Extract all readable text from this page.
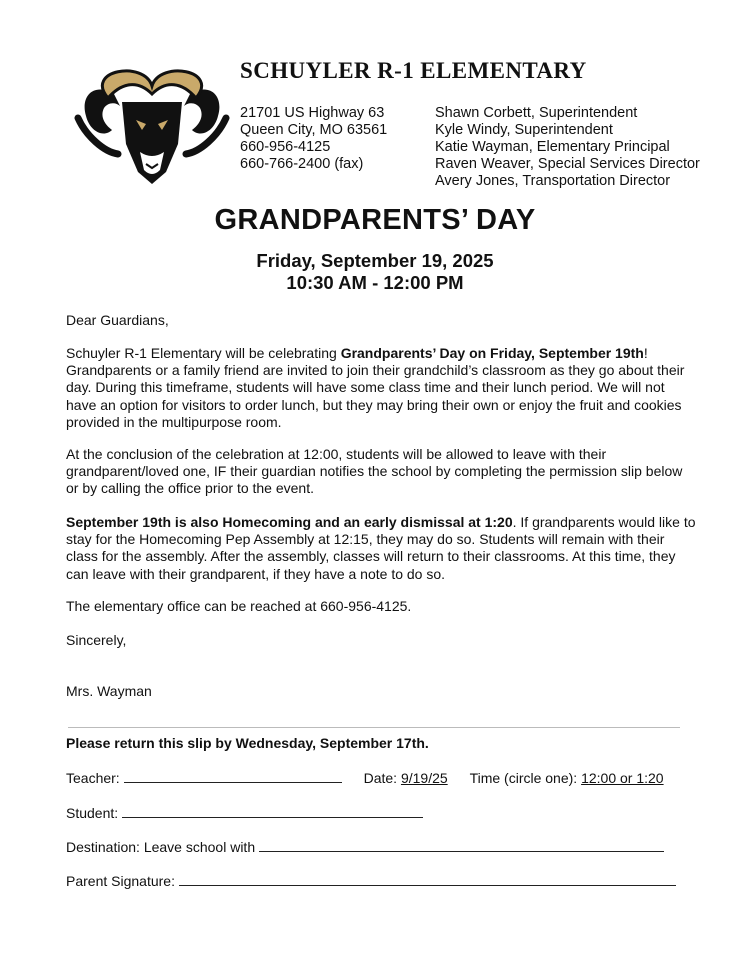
SCHUYLER R-1 ELEMENTARY
21701 US Highway 63
Queen City, MO 63561
660-956-4125
660-766-2400 (fax)
Shawn Corbett, Superintendent
Kyle Windy, Superintendent
Katie Wayman, Elementary Principal
Raven Weaver, Special Services Director
Avery Jones, Transportation Director
GRANDPARENTS’ DAY
Friday, September 19, 2025
10:30 AM - 12:00 PM
Dear Guardians,

Schuyler R-1 Elementary will be celebrating Grandparents’ Day on Friday, September 19th! Grandparents or a family friend are invited to join their grandchild’s classroom as they go about their day. During this timeframe, students will have some class time and their lunch period. We will not have an option for visitors to order lunch, but they may bring their own or enjoy the fruit and cookies provided in the multipurpose room.

At the conclusion of the celebration at 12:00, students will be allowed to leave with their grandparent/loved one, IF their guardian notifies the school by completing the permission slip below or by calling the office prior to the event.

September 19th is also Homecoming and an early dismissal at 1:20. If grandparents would like to stay for the Homecoming Pep Assembly at 12:15, they may do so. Students will remain with their class for the assembly. After the assembly, classes will return to their classrooms. At this time, they can leave with their grandparent, if they have a note to do so.

The elementary office can be reached at 660-956-4125.
Sincerely,
Mrs. Wayman
Please return this slip by Wednesday, September 17th.
Teacher:	Date: 9/19/25 Time (circle one): 12:00 or 1:20
Student:
Destination: Leave school with
Parent Signature:
